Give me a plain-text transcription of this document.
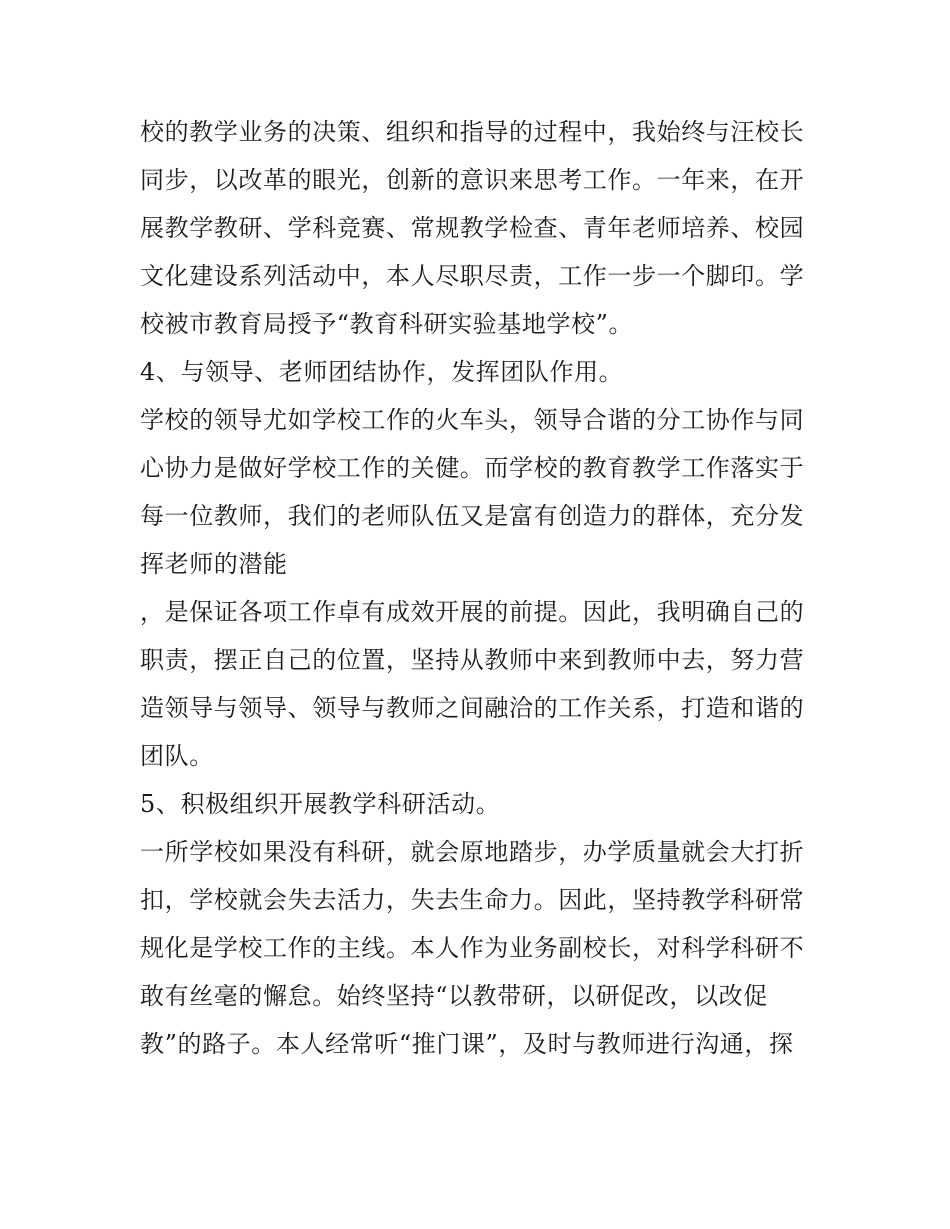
校的教学业务的决策、组织和指导的过程中，我始终与汪校长
同步，以改革的眼光，创新的意识来思考工作。一年来，在开
展教学教研、学科竞赛、常规教学检查、青年老师培养、校园
文化建设系列活动中，本人尽职尽责，工作一步一个脚印。学
校被市教育局授予“教育科研实验基地学校”。
4、与领导、老师团结协作，发挥团队作用。
学校的领导尤如学校工作的火车头，领导合谐的分工协作与同
心协力是做好学校工作的关健。而学校的教育教学工作落实于
每一位教师，我们的老师队伍又是富有创造力的群体，充分发
挥老师的潜能
，是保证各项工作卓有成效开展的前提。因此，我明确自己的
职责，摆正自己的位置，坚持从教师中来到教师中去，努力营
造领导与领导、领导与教师之间融洽的工作关系，打造和谐的
团队。
5、积极组织开展教学科研活动。
一所学校如果没有科研，就会原地踏步，办学质量就会大打折
扣，学校就会失去活力，失去生命力。因此，坚持教学科研常
规化是学校工作的主线。本人作为业务副校长，对科学科研不
敢有丝毫的懈怠。始终坚持“以教带研，以研促改，以改促
教”的路子。本人经常听“推门课”，及时与教师进行沟通，探
